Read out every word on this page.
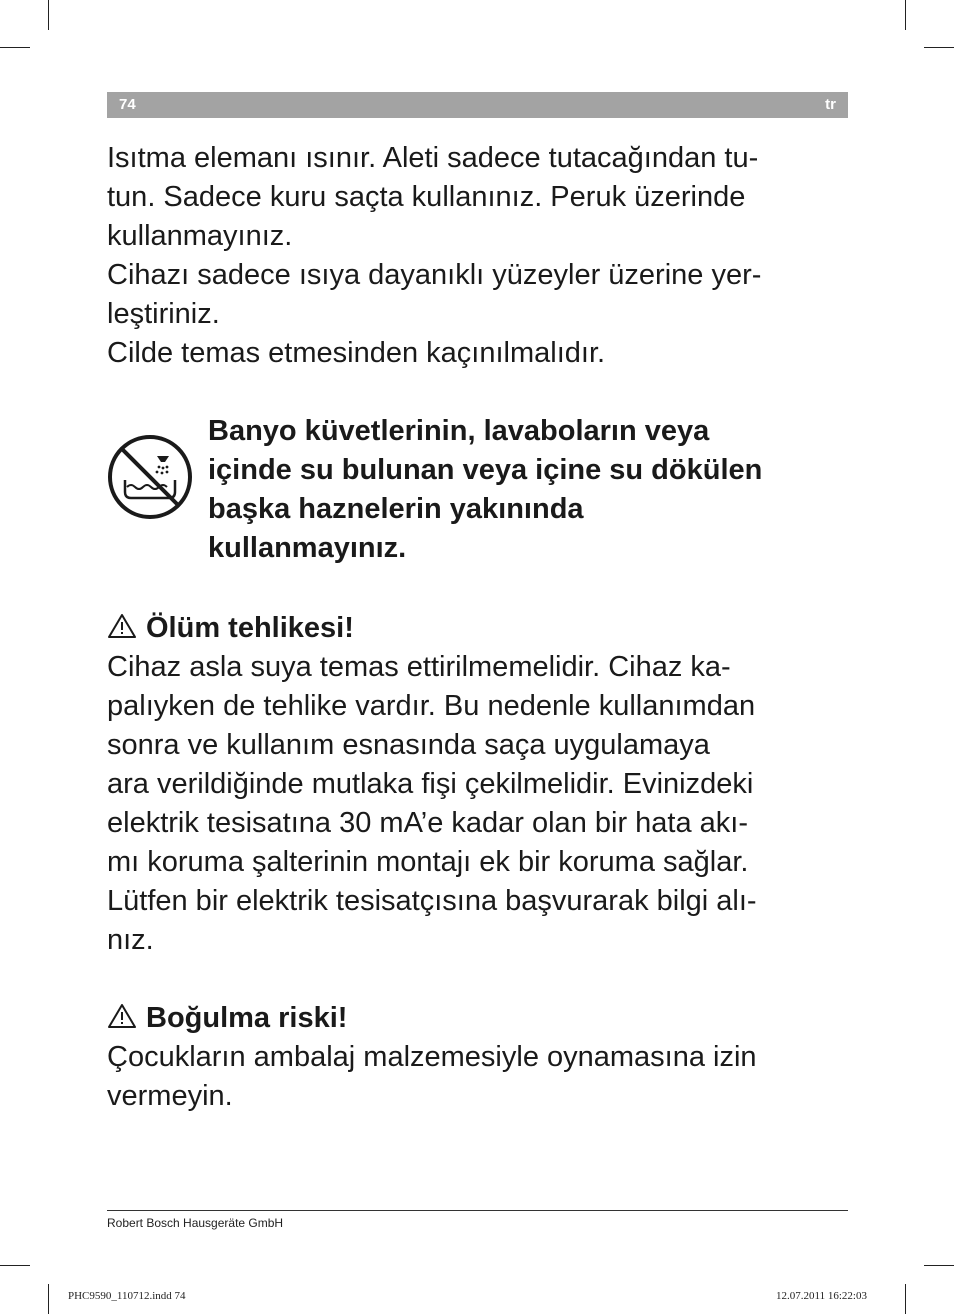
74	tr

Isıtma elemanı ısınır. Aleti sadece tutacağından tu-

tun. Sadece kuru saçta kullanınız. Peruk üzerinde

kullanmayınız.

Cihazı sadece ısıya dayanıklı yüzeyler üzerine yer-

leştiriniz.

Cilde temas etmesinden kaçınılmalıdır.

Banyo küvetlerinin, lavaboların veya

içinde su bulunan veya içine su dökülen

başka haznelerin yakınında

kullanmayınız.

Ölüm tehlikesi!

Cihaz asla suya temas ettirilmemelidir. Cihaz ka-

palıyken de tehlike vardır. Bu nedenle kullanımdan

sonra ve kullanım esnasında saça uygulamaya

ara verildiğinde mutlaka fişi çekilmelidir. Evinizdeki

elektrik tesisatına 30 mA’e kadar olan bir hata akı-

mı koruma şalterinin montajı ek bir koruma sağlar.

Lütfen bir elektrik tesisatçısına başvurarak bilgi alı-

nız.

Boğulma riski!

Çocukların ambalaj malzemesiyle oynamasına izin

vermeyin.

Robert Bosch Hausgeräte GmbH
PHC9590_110712.indd 74	12.07.2011 16:22:03
